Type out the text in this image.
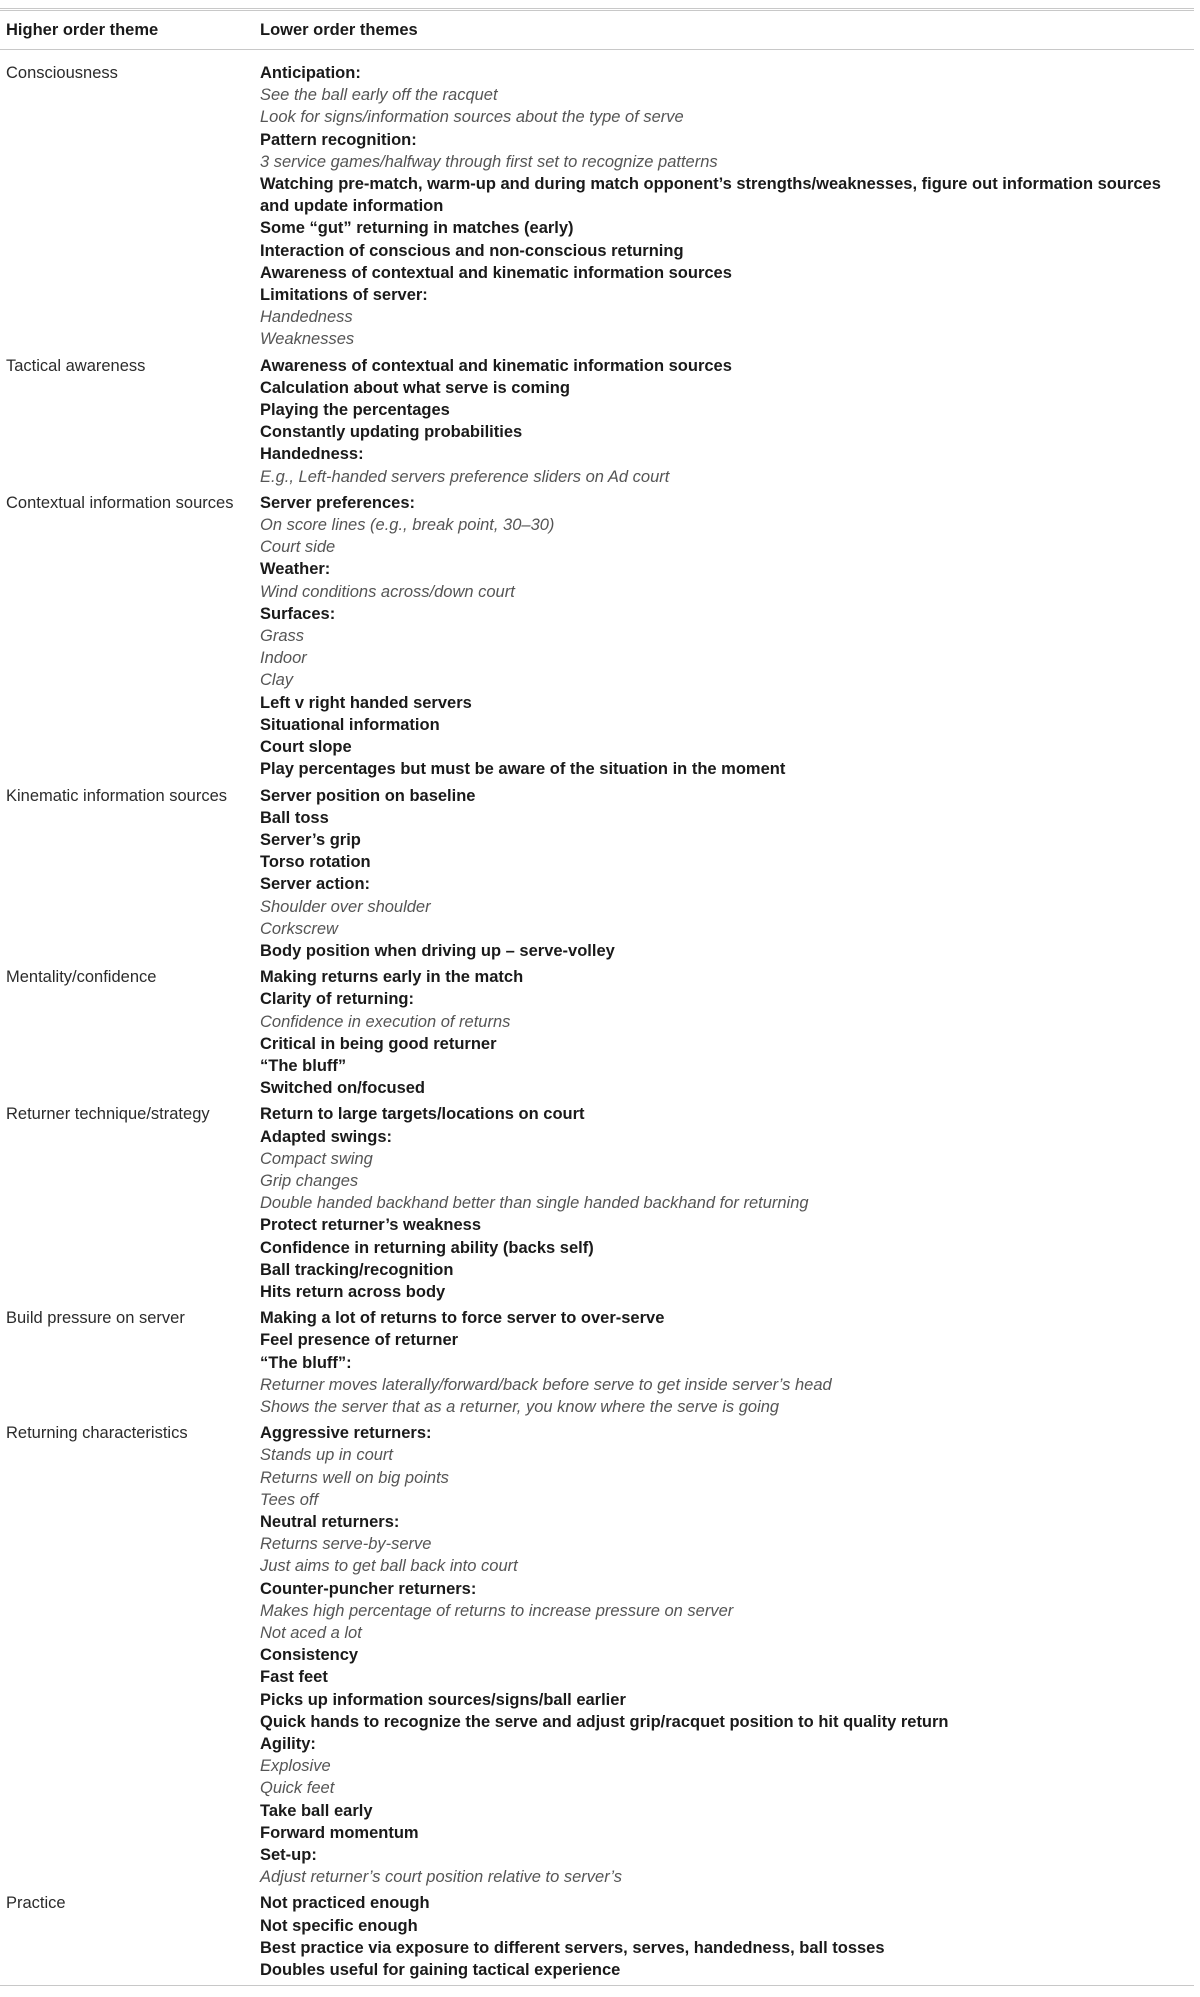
Higher order theme	Lower order themes
Consciousness	Anticipation:
See the ball early off the racquet
Look for signs/information sources about the type of serve
Pattern recognition:
3 service games/halfway through first set to recognize patterns
Watching pre-match, warm-up and during match opponent’s strengths/weaknesses, figure out information sources and update information
Some “gut” returning in matches (early)
Interaction of conscious and non-conscious returning
Awareness of contextual and kinematic information sources
Limitations of server:
Handedness
Weaknesses
Tactical awareness	Awareness of contextual and kinematic information sources
Calculation about what serve is coming
Playing the percentages
Constantly updating probabilities
Handedness:
E.g., Left-handed servers preference sliders on Ad court
Contextual information sources	Server preferences:
On score lines (e.g., break point, 30–30)
Court side
Weather:
Wind conditions across/down court
Surfaces:
Grass
Indoor
Clay
Left v right handed servers
Situational information
Court slope
Play percentages but must be aware of the situation in the moment
Kinematic information sources	Server position on baseline
Ball toss
Server’s grip
Torso rotation
Server action:
Shoulder over shoulder
Corkscrew
Body position when driving up – serve-volley
Mentality/confidence	Making returns early in the match
Clarity of returning:
Confidence in execution of returns
Critical in being good returner
“The bluff”
Switched on/focused
Returner technique/strategy	Return to large targets/locations on court
Adapted swings:
Compact swing
Grip changes
Double handed backhand better than single handed backhand for returning
Protect returner’s weakness
Confidence in returning ability (backs self)
Ball tracking/recognition
Hits return across body
Build pressure on server	Making a lot of returns to force server to over-serve
Feel presence of returner
“The bluff”:
Returner moves laterally/forward/back before serve to get inside server’s head
Shows the server that as a returner, you know where the serve is going
Returning characteristics	Aggressive returners:
Stands up in court
Returns well on big points
Tees off
Neutral returners:
Returns serve-by-serve
Just aims to get ball back into court
Counter-puncher returners:
Makes high percentage of returns to increase pressure on server
Not aced a lot
Consistency
Fast feet
Picks up information sources/signs/ball earlier
Quick hands to recognize the serve and adjust grip/racquet position to hit quality return
Agility:
Explosive
Quick feet
Take ball early
Forward momentum
Set-up:
Adjust returner’s court position relative to server’s
Practice	Not practiced enough
Not specific enough
Best practice via exposure to different servers, serves, handedness, ball tosses
Doubles useful for gaining tactical experience
